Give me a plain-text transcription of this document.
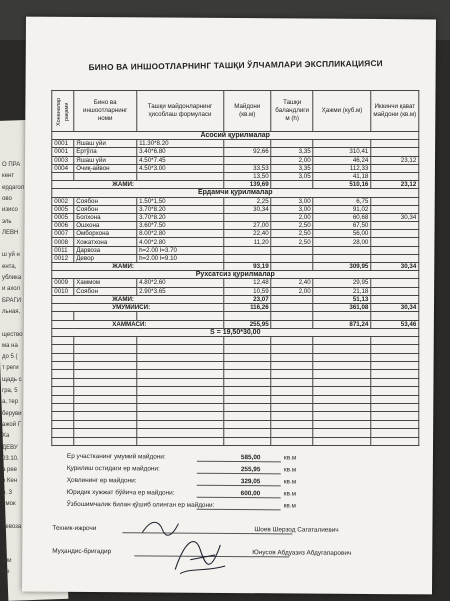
О ПРА
кент
ердагол
ово
изисо
эль
ЛЕВН
ш уй н
ента,
ублика
и ахол
БРАГИ
льная,
щество
ма на
до 5 (
т реги
щадь с
гра, 5
а, тер
беруви
ажой Г
Ха
ДЕВУ
03.10.
а рее
о Кен
р. 3
лмок
бевоза
я
зии
ме
БИНО ВА ИНШООТЛАРНИНГ ТАШҚИ ЎЛЧАМЛАРИ ЭКСПЛИКАЦИЯСИ
Хонаналар рақами	Бино ва иншоотларнинг номи	Ташқи майдонларнинг ҳисоблаш формуласи	Майдони (кв.м)	Ташқи баландлиги м (h)	Ҳажми (куб.м)	Иккинчи қават майдони (кв.м)
Асосий қурилмалар						
0001	Яшаш уйи	11.30*8.20				
0001	Ертўла	3.40*6.80	92,66	3,35	310,41	
0003	Яшаш уйи	4.50*7.45		2,00	46,24	23,12
0004	Очиқ-айвон	4.50*3.00	33,53	3,35	112,33	
			13,50	3,05	41,18	
ЖАМИ:			139,69		510,16	23,12
Ёрдамчи қурилмалар						
0002	Соябон	1.50*1.50	2,25	3,00	6,75	
0005	Соябон	3.70*8.20	30,34	3,00	91,02	
0005	Болхона	3.70*8.20		2,00	60,68	30,34
0006	Ошхона	3.60*7.50	27,00	2,50	67,50	
0007	Омборхона	8.00*2.80	22,40	2,50	56,00	
0008	Хожатхона	4.00*2.80	11,20	2,50	28,00	
0011	Дарвоза	h=2.00 l=3.70				
0012	Девор	h=2.00 l=9.10				
ЖАМИ:			93,19		309,95	30,34
Рухсатсиз қурилмалар						
0009	Хаммом	4.80*2.60	12,48	2,40	29,95	
0010	Соябон	2.90*3.65	10,59	2,00	21,18	
ЖАМИ:			23,07		51,13	
УМУМИЙСИ:			116,26		361,08	30,34

ХАММАСИ:			255,95		871,24	53,46
S = 19,50*30,00						

Ер участканинг умумий майдони:	585,00	кв.м
Қурилиш остидаги ер майдони:	255,95	кв.м
Ҳовлининг ер майдони:	329,05	кв.м
Юридик хужжат бўйича ер майдони:	600,00	кв.м
Ўзбошимчалик билан қўшиб олинган ер майдони:	кв.м
Техник-ижрочи	Шоев Шерзод Сагаталиевич
Муҳандис-бригадир	Юнусов Абдуазиз Абдугапарович
